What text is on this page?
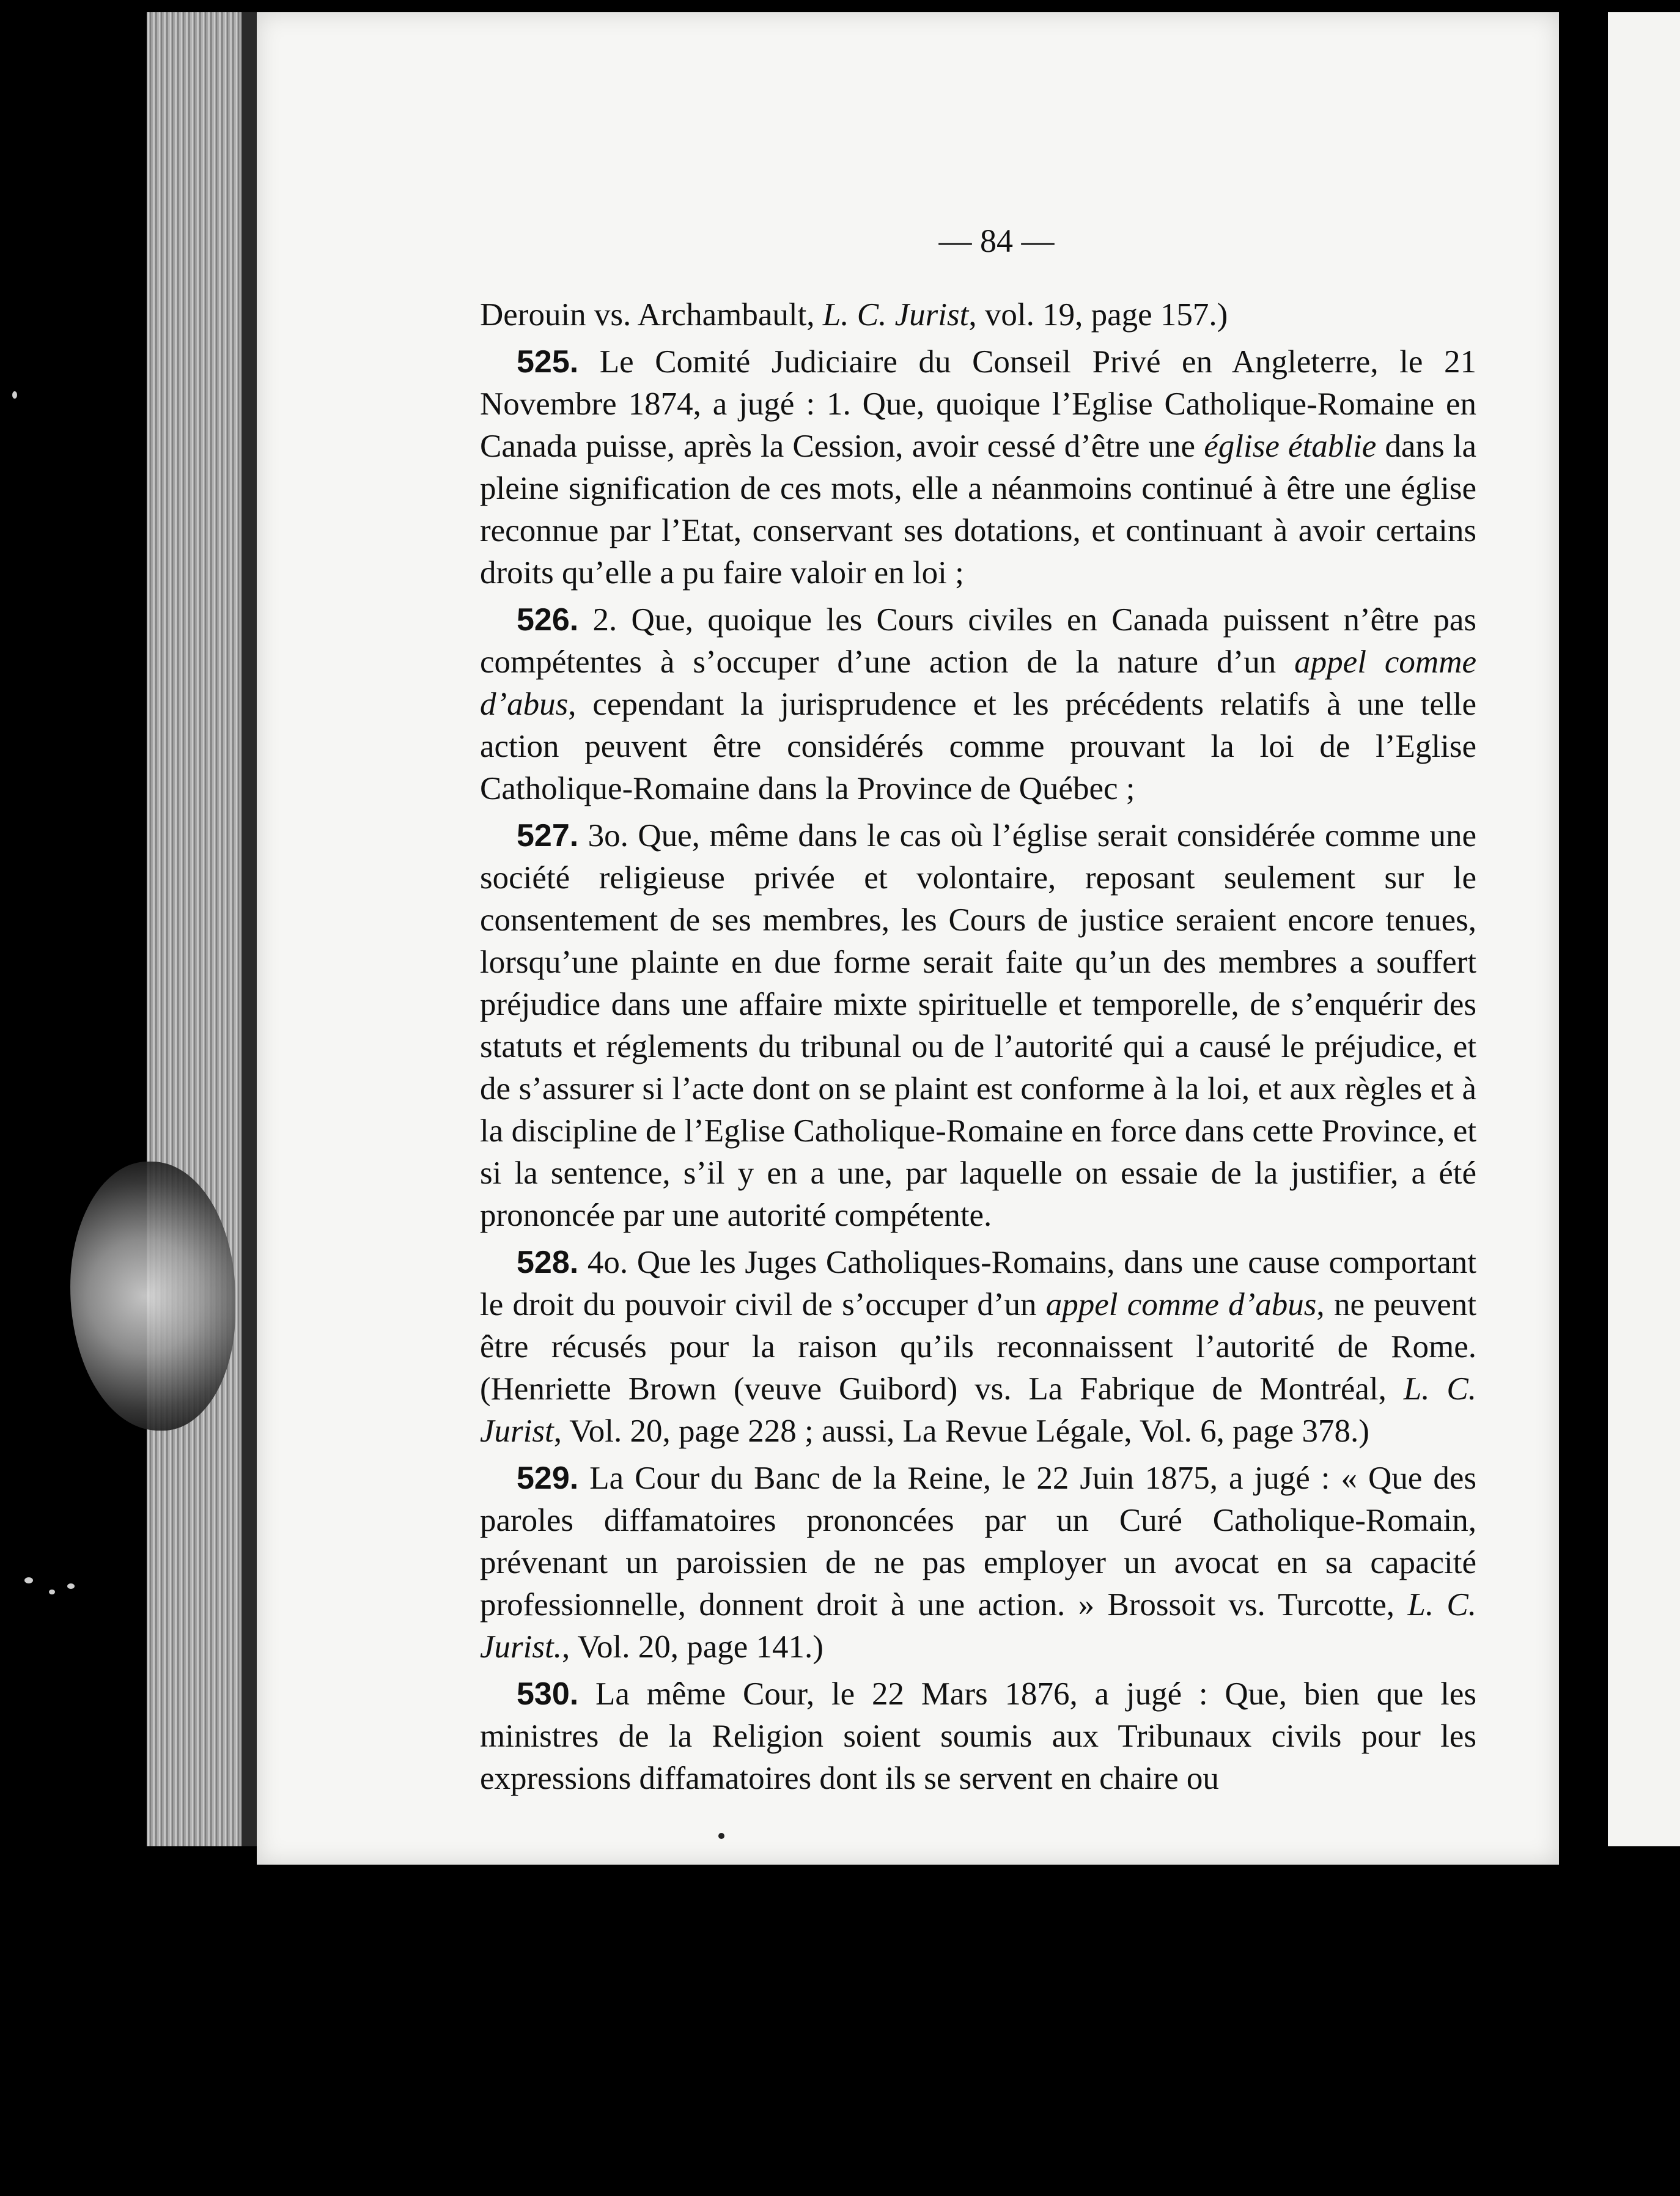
— 84 —

Derouin vs. Archambault, L. C. Jurist, vol. 19, page 157.)

525. Le Comité Judiciaire du Conseil Privé en Angleterre, le 21 Novembre 1874, a jugé : 1. Que, quoique l’Eglise Catholique-Romaine en Canada puisse, après la Cession, avoir cessé d’être une église établie dans la pleine signification de ces mots, elle a néanmoins continué à être une église reconnue par l’Etat, conservant ses dotations, et continuant à avoir certains droits qu’elle a pu faire valoir en loi ;

526. 2. Que, quoique les Cours civiles en Canada puissent n’être pas compétentes à s’occuper d’une action de la nature d’un appel comme d’abus, cependant la jurisprudence et les précédents relatifs à une telle action peuvent être considérés comme prouvant la loi de l’Eglise Catholique-Romaine dans la Province de Québec ;

527. 3o. Que, même dans le cas où l’église serait considérée comme une société religieuse privée et volontaire, reposant seulement sur le consentement de ses membres, les Cours de justice seraient encore tenues, lorsqu’une plainte en due forme serait faite qu’un des membres a souffert préjudice dans une affaire mixte spirituelle et temporelle, de s’enquérir des statuts et réglements du tribunal ou de l’autorité qui a causé le préjudice, et de s’assurer si l’acte dont on se plaint est conforme à la loi, et aux règles et à la discipline de l’Eglise Catholique-Romaine en force dans cette Province, et si la sentence, s’il y en a une, par laquelle on essaie de la justifier, a été prononcée par une autorité compétente.

528. 4o. Que les Juges Catholiques-Romains, dans une cause comportant le droit du pouvoir civil de s’occuper d’un appel comme d’abus, ne peuvent être récusés pour la raison qu’ils reconnaissent l’autorité de Rome. (Henriette Brown (veuve Guibord) vs. La Fabrique de Montréal, L. C. Jurist, Vol. 20, page 228 ; aussi, La Revue Légale, Vol. 6, page 378.)

529. La Cour du Banc de la Reine, le 22 Juin 1875, a jugé : « Que des paroles diffamatoires prononcées par un Curé Catholique-Romain, prévenant un paroissien de ne pas employer un avocat en sa capacité professionnelle, donnent droit à une action. » Brossoit vs. Turcotte, L. C. Jurist., Vol. 20, page 141.)

530. La même Cour, le 22 Mars 1876, a jugé : Que, bien que les ministres de la Religion soient soumis aux Tribunaux civils pour les expressions diffamatoires dont ils se servent en chaire ou
